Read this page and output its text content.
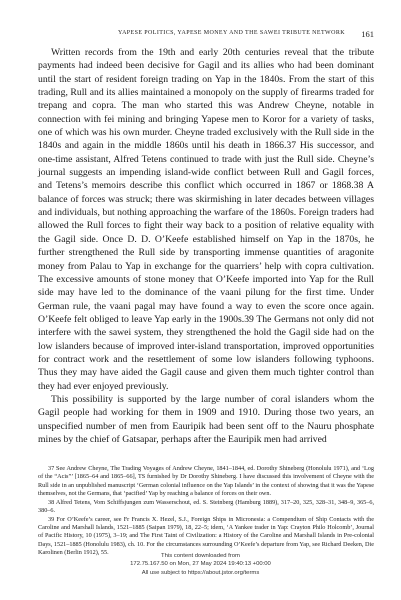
YAPESE POLITICS, YAPESE MONEY AND THE SAWEI TRIBUTE NETWORK 161

Written records from the 19th and early 20th centuries reveal that the tribute payments had indeed been decisive for Gagil and its allies who had been dominant until the start of resident foreign trading on Yap in the 1840s. From the start of this trading, Rull and its allies maintained a monopoly on the supply of firearms traded for trepang and copra. The man who started this was Andrew Cheyne, notable in connection with fei mining and bringing Yapese men to Koror for a variety of tasks, one of which was his own murder. Cheyne traded exclusively with the Rull side in the 1840s and again in the middle 1860s until his death in 1866.37 His successor, and one-time assistant, Alfred Tetens continued to trade with just the Rull side. Cheyne’s journal suggests an impending island-wide conflict between Rull and Gagil forces, and Tetens’s memoirs describe this conflict which occurred in 1867 or 1868.38 A balance of forces was struck; there was skirmishing in later decades between villages and individuals, but nothing approaching the warfare of the 1860s. Foreign traders had allowed the Rull forces to fight their way back to a position of relative equality with the Gagil side. Once D. D. O’Keefe established himself on Yap in the 1870s, he further strengthened the Rull side by transporting immense quantities of aragonite money from Palau to Yap in exchange for the quarriers’ help with copra cultivation. The excessive amounts of stone money that O’Keefe imported into Yap for the Rull side may have led to the dominance of the vaani pilung for the first time. Under German rule, the vaani pagal may have found a way to even the score once again. O’Keefe felt obliged to leave Yap early in the 1900s.39 The Germans not only did not interfere with the sawei system, they strengthened the hold the Gagil side had on the low islanders because of improved inter-island transportation, improved opportunities for contract work and the resettlement of some low islanders following typhoons. Thus they may have aided the Gagil cause and given them much tighter control than they had ever enjoyed previously.

This possibility is supported by the large number of coral islanders whom the Gagil people had working for them in 1909 and 1910. During those two years, an unspecified number of men from Eauripik had been sent off to the Nauru phosphate mines by the chief of Gatsapar, perhaps after the Eauripik men had arrived

37 See Andrew Cheyne, The Trading Voyages of Andrew Cheyne, 1841–1844, ed. Dorothy Shineberg (Honolulu 1971), and ‘Log of the “Acis”’ [1865–64 and 1865–66], TS furnished by Dr Dorothy Shineberg. I have discussed this involvement of Cheyne with the Rull side in an unpublished manuscript ‘German colonial influence on the Yap Islands’ in the context of showing that it was the Yapese themselves, not the Germans, that ‘pacified’ Yap by reaching a balance of forces on their own.

38 Alfred Tetens, Vom Schiffsjungen zum Wasserschout, ed. S. Steinberg (Hamburg 1889), 317–20, 325, 328–31, 348–9, 365–6, 380–6.

39 For O’Keefe’s career, see Fr Francis X. Hezel, S.J., Foreign Ships in Micronesia: a Compendium of Ship Contacts with the Caroline and Marshall Islands, 1521–1885 (Saipan 1979), 18, 22–5; idem, ‘A Yankee trader in Yap: Crayton Philo Holcomb’, Journal of Pacific History, 10 (1975), 3–19; and The First Taint of Civilization: a History of the Caroline and Marshall Islands in Pre-colonial Days, 1521–1885 (Honolulu 1983), ch. 10. For the circumstances surrounding O’Keefe’s departure from Yap, see Richard Deeken, Die Karolinen (Berlin 1912), 55.

This content downloaded from
172.75.167.50 on Mon, 27 May 2024 19:40:13 +00:00
All use subject to https://about.jstor.org/terms
